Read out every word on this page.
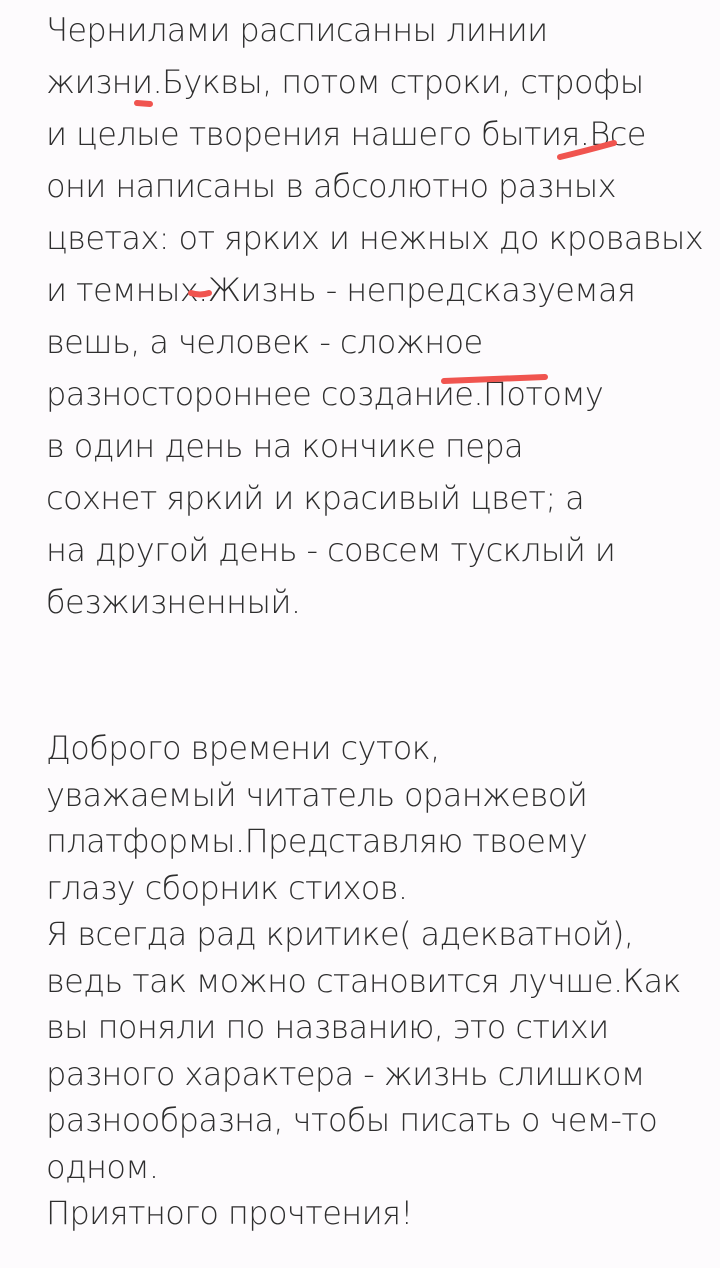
Чернилами расписанны линии
жизни.Буквы, потом строки, строфы
и целые творения нашего бытия.Все
они написаны в абсолютно разных
цветах: от ярких и нежных до кровавых
и темных.Жизнь - непредсказуемая
вешь, а человек - сложное
разностороннее создание.Потому
в один день на кончике пера
сохнет яркий и красивый цвет; а
на другой день - совсем тусклый и
безжизненный.
Доброго времени суток,
уважаемый читатель оранжевой
платформы.Представляю твоему
глазу сборник стихов.
Я всегда рад критике( адекватной),
ведь так можно становится лучше.Как
вы поняли по названию, это стихи
разного характера - жизнь слишком
разнообразна, чтобы писать о чем-то
одном.
Приятного прочтения!
